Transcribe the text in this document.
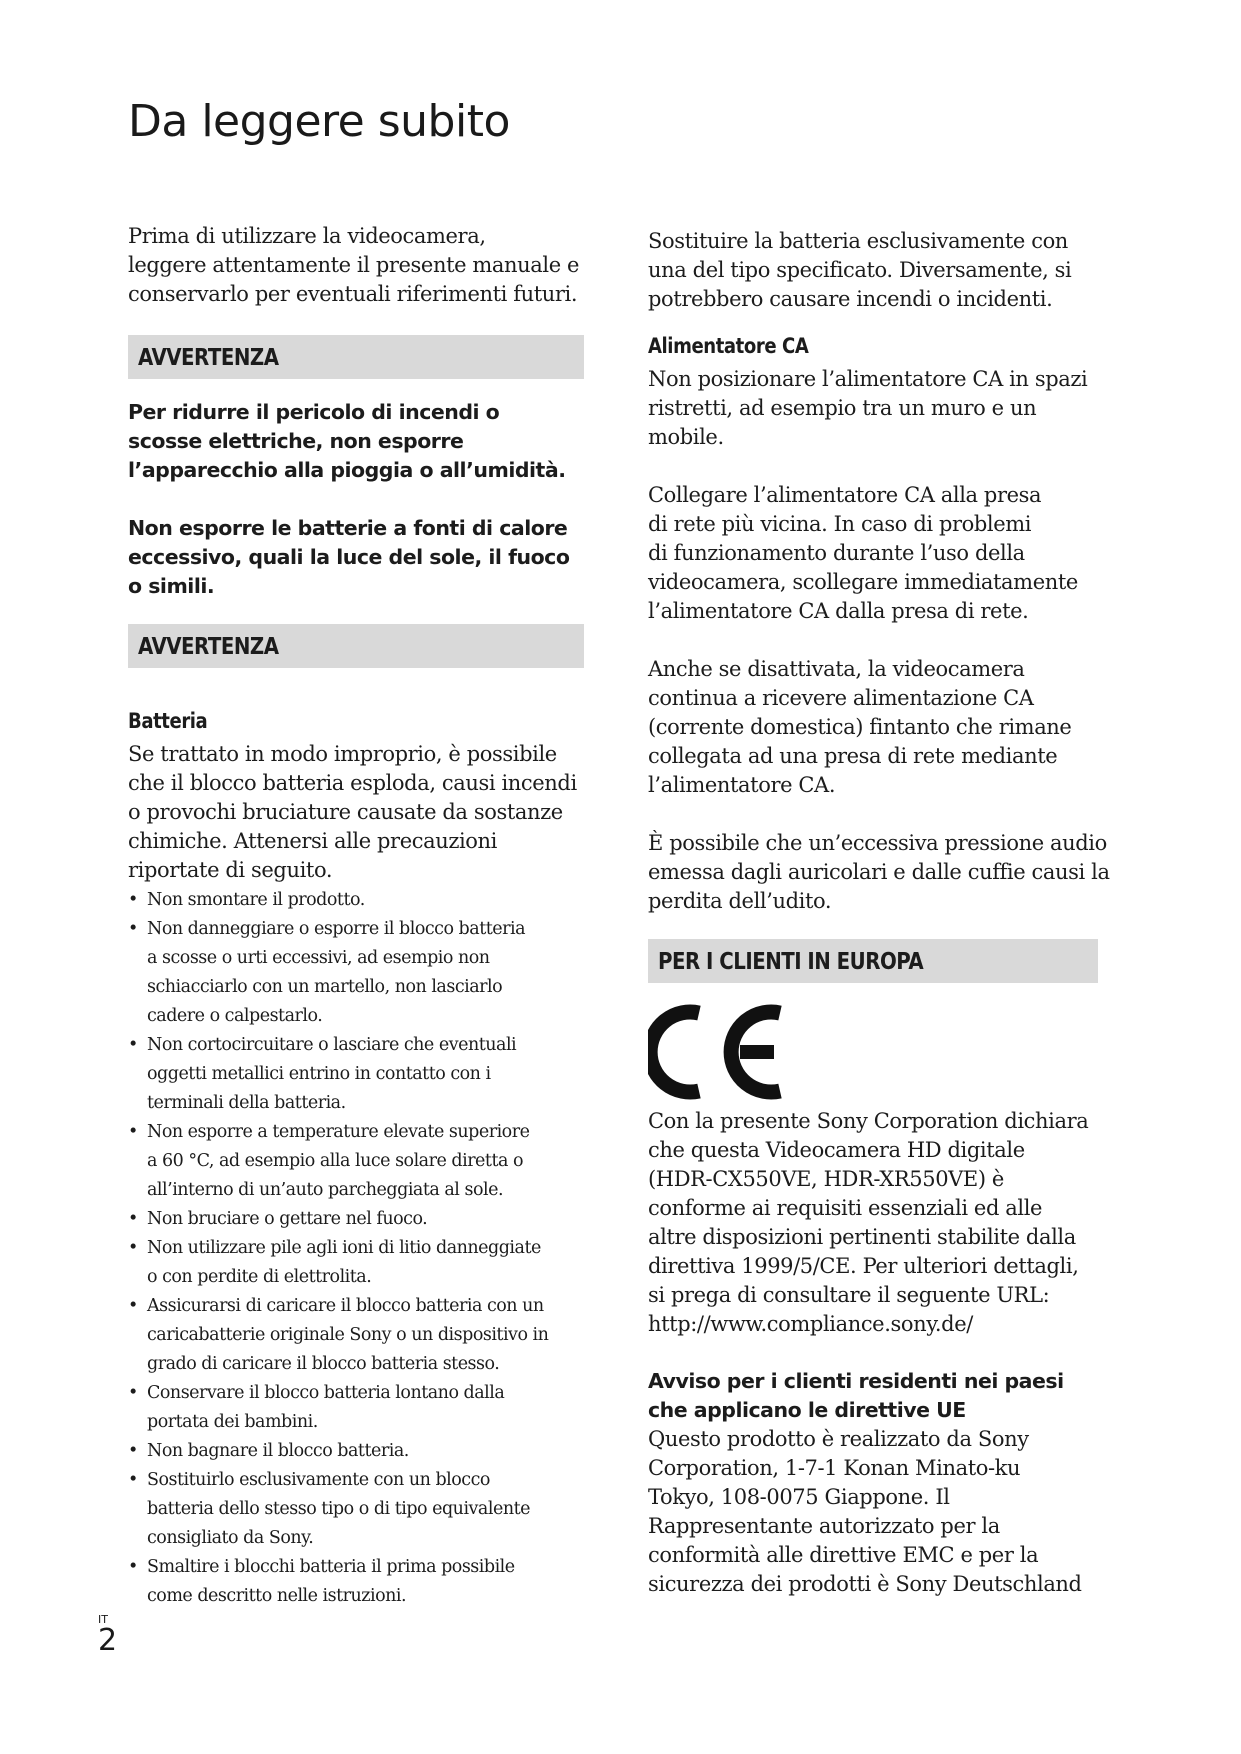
Da leggere subito

Prima di utilizzare la videocamera,
leggere attentamente il presente manuale e
conservarlo per eventuali riferimenti futuri.

AVVERTENZA

Per ridurre il pericolo di incendi o
scosse elettriche, non esporre
l’apparecchio alla pioggia o all’umidità.

Non esporre le batterie a fonti di calore
eccessivo, quali la luce del sole, il fuoco
o simili.

AVVERTENZA

Batteria

Se trattato in modo improprio, è possibile
che il blocco batteria esploda, causi incendi
o provochi bruciature causate da sostanze
chimiche. Attenersi alle precauzioni
riportate di seguito.

• Non smontare il prodotto.
• Non danneggiare o esporre il blocco batteria
a scosse o urti eccessivi, ad esempio non
schiacciarlo con un martello, non lasciarlo
cadere o calpestarlo.
• Non cortocircuitare o lasciare che eventuali
oggetti metallici entrino in contatto con i
terminali della batteria.
• Non esporre a temperature elevate superiore
a 60 °C, ad esempio alla luce solare diretta o
all’interno di un’auto parcheggiata al sole.
• Non bruciare o gettare nel fuoco.
• Non utilizzare pile agli ioni di litio danneggiate
o con perdite di elettrolita.
• Assicurarsi di caricare il blocco batteria con un
caricabatterie originale Sony o un dispositivo in
grado di caricare il blocco batteria stesso.
• Conservare il blocco batteria lontano dalla
portata dei bambini.
• Non bagnare il blocco batteria.
• Sostituirlo esclusivamente con un blocco
batteria dello stesso tipo o di tipo equivalente
consigliato da Sony.
• Smaltire i blocchi batteria il prima possibile
come descritto nelle istruzioni.

Sostituire la batteria esclusivamente con
una del tipo specificato. Diversamente, si
potrebbero causare incendi o incidenti.

Alimentatore CA

Non posizionare l’alimentatore CA in spazi
ristretti, ad esempio tra un muro e un
mobile.

Collegare l’alimentatore CA alla presa
di rete più vicina. In caso di problemi
di funzionamento durante l’uso della
videocamera, scollegare immediatamente
l’alimentatore CA dalla presa di rete.

Anche se disattivata, la videocamera
continua a ricevere alimentazione CA
(corrente domestica) fintanto che rimane
collegata ad una presa di rete mediante
l’alimentatore CA.

È possibile che un’eccessiva pressione audio
emessa dagli auricolari e dalle cuffie causi la
perdita dell’udito.

PER I CLIENTI IN EUROPA

Con la presente Sony Corporation dichiara
che questa Videocamera HD digitale
(HDR-CX550VE, HDR-XR550VE) è
conforme ai requisiti essenziali ed alle
altre disposizioni pertinenti stabilite dalla
direttiva 1999/5/CE. Per ulteriori dettagli,
si prega di consultare il seguente URL:
http://www.compliance.sony.de/

Avviso per i clienti residenti nei paesi
che applicano le direttive UE

Questo prodotto è realizzato da Sony
Corporation, 1-7-1 Konan Minato-ku
Tokyo, 108-0075 Giappone. Il
Rappresentante autorizzato per la
conformità alle direttive EMC e per la
sicurezza dei prodotti è Sony Deutschland

IT
2
